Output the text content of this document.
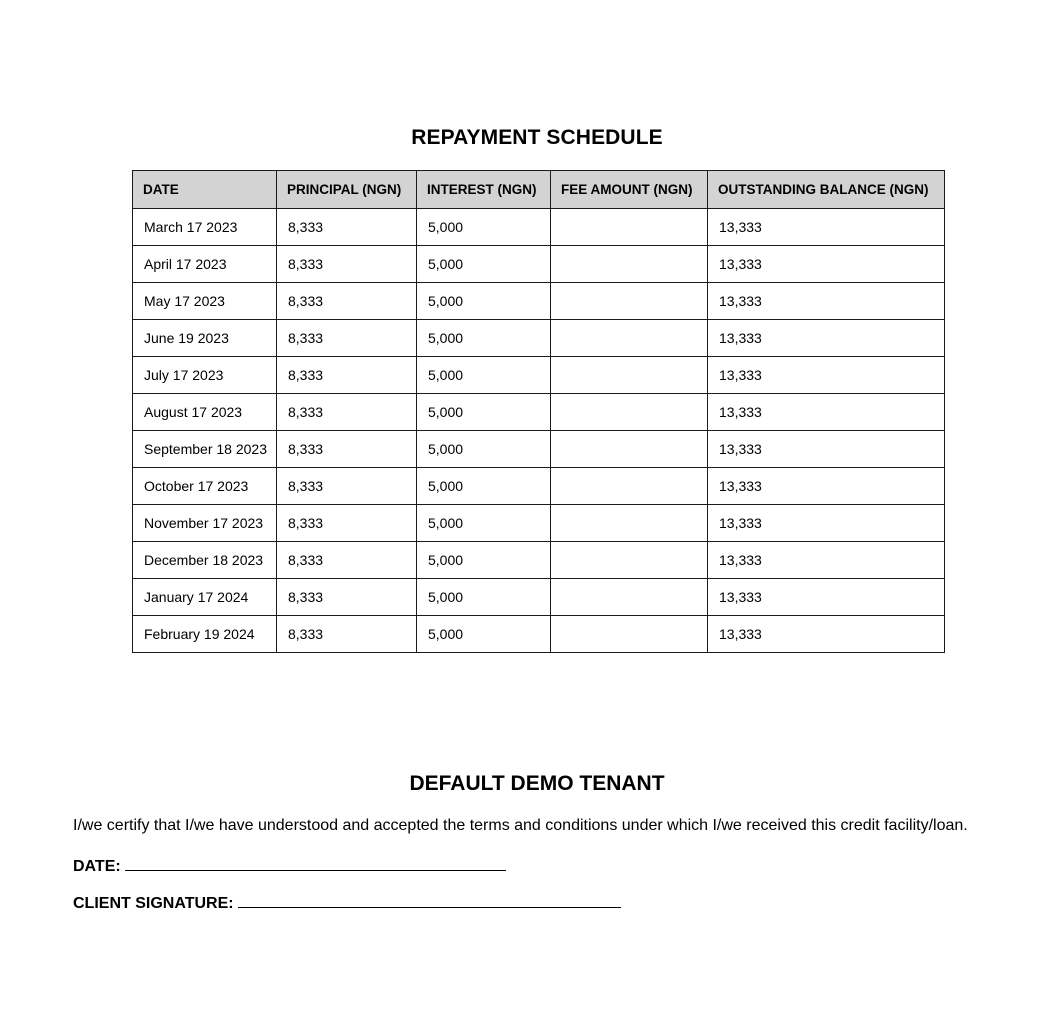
REPAYMENT SCHEDULE
DATE	PRINCIPAL (NGN)	INTEREST (NGN)	FEE AMOUNT (NGN)	OUTSTANDING BALANCE (NGN)
March 17 2023	8,333	5,000		13,333
April 17 2023	8,333	5,000		13,333
May 17 2023	8,333	5,000		13,333
June 19 2023	8,333	5,000		13,333
July 17 2023	8,333	5,000		13,333
August 17 2023	8,333	5,000		13,333
September 18 2023	8,333	5,000		13,333
October 17 2023	8,333	5,000		13,333
November 17 2023	8,333	5,000		13,333
December 18 2023	8,333	5,000		13,333
January 17 2024	8,333	5,000		13,333
February 19 2024	8,333	5,000		13,333
DEFAULT DEMO TENANT
I/we certify that I/we have understood and accepted the terms and conditions under which I/we received this credit facility/loan.
DATE:
CLIENT SIGNATURE:
